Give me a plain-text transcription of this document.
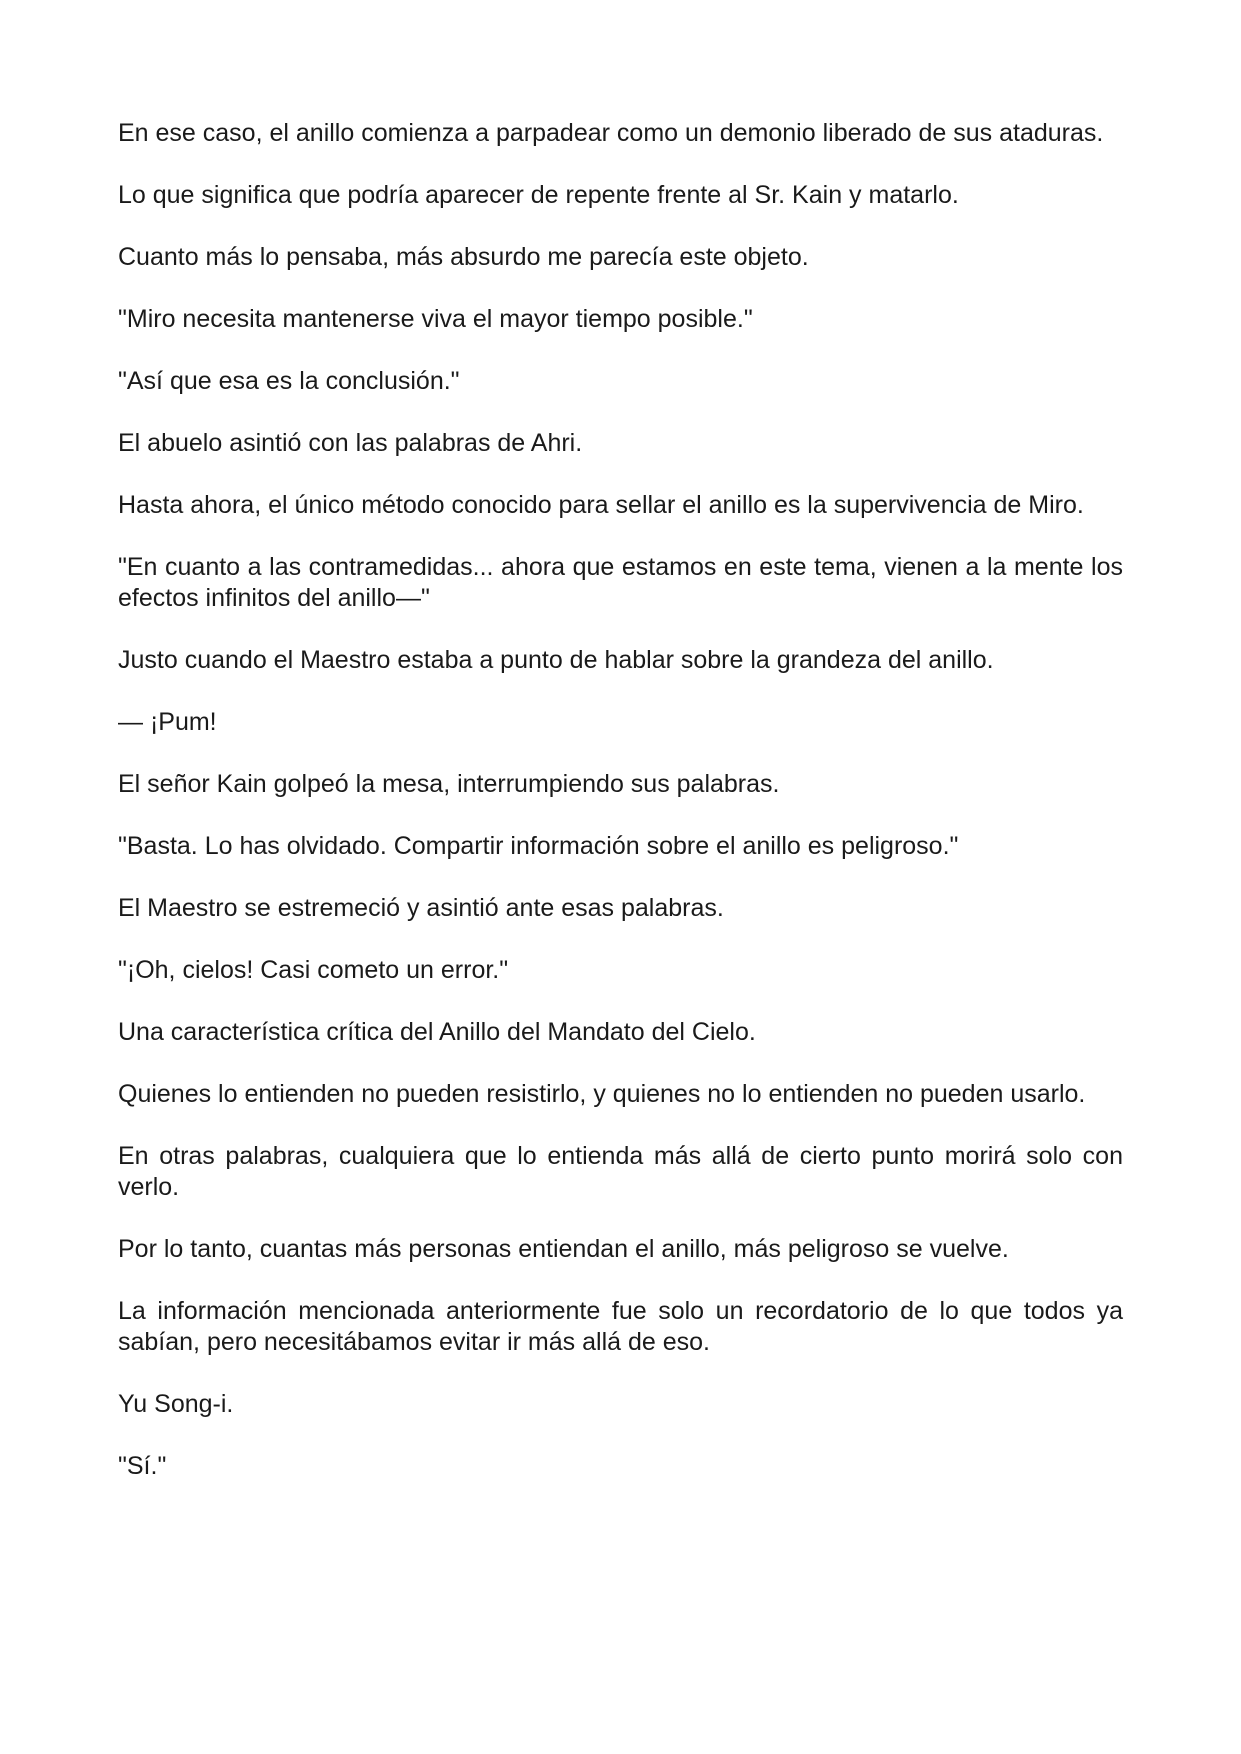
En ese caso, el anillo comienza a parpadear como un demonio liberado de sus ataduras.

Lo que significa que podría aparecer de repente frente al Sr. Kain y matarlo.

Cuanto más lo pensaba, más absurdo me parecía este objeto.

"Miro necesita mantenerse viva el mayor tiempo posible."

"Así que esa es la conclusión."

El abuelo asintió con las palabras de Ahri.

Hasta ahora, el único método conocido para sellar el anillo es la supervivencia de Miro.

"En cuanto a las contramedidas... ahora que estamos en este tema, vienen a la mente los efectos infinitos del anillo—"

Justo cuando el Maestro estaba a punto de hablar sobre la grandeza del anillo.

— ¡Pum!

El señor Kain golpeó la mesa, interrumpiendo sus palabras.

"Basta. Lo has olvidado. Compartir información sobre el anillo es peligroso."

El Maestro se estremeció y asintió ante esas palabras.

"¡Oh, cielos! Casi cometo un error."

Una característica crítica del Anillo del Mandato del Cielo.

Quienes lo entienden no pueden resistirlo, y quienes no lo entienden no pueden usarlo.

En otras palabras, cualquiera que lo entienda más allá de cierto punto morirá solo con verlo.

Por lo tanto, cuantas más personas entiendan el anillo, más peligroso se vuelve.

La información mencionada anteriormente fue solo un recordatorio de lo que todos ya sabían, pero necesitábamos evitar ir más allá de eso.

Yu Song-i.

"Sí."
